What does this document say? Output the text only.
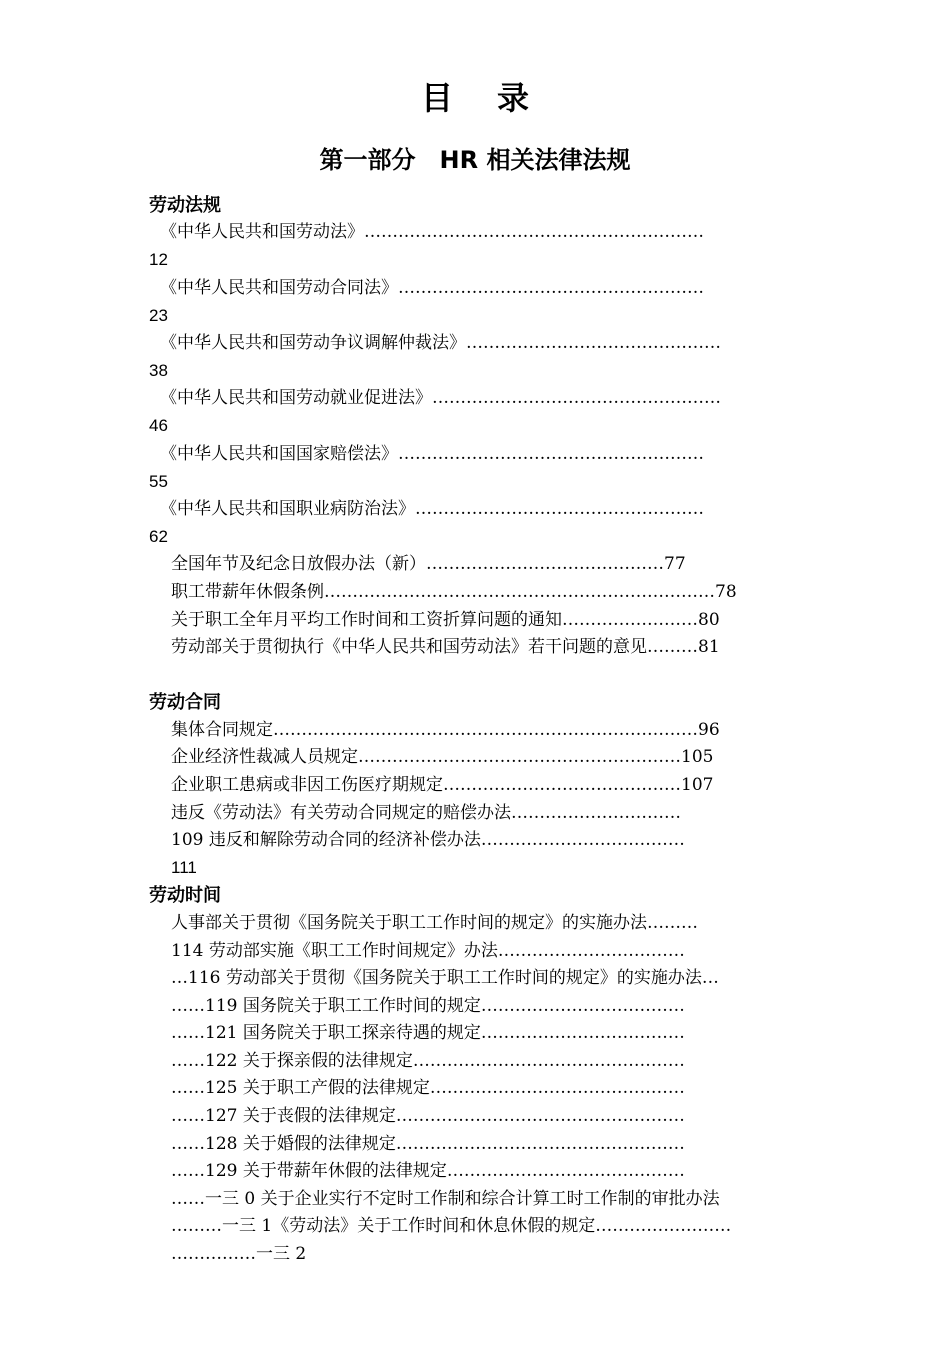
目 录
第一部分　HR 相关法律法规
劳动法规
《中华人民共和国劳动法》……………………………………………………
12
《中华人民共和国劳动合同法》………………………………………………
23
《中华人民共和国劳动争议调解仲裁法》………………………………………
38
《中华人民共和国劳动就业促进法》……………………………………………
46
《中华人民共和国国家赔偿法》………………………………………………
55
《中华人民共和国职业病防治法》……………………………………………
62
全国年节及纪念日放假办法（新）……………………………………77
职工带薪年休假条例……………………………………………………………78
关于职工全年月平均工作时间和工资折算问题的通知……………………80
劳动部关于贯彻执行《中华人民共和国劳动法》若干问题的意见………81
劳动合同
集体合同规定…………………………………………………………………96
企业经济性裁减人员规定…………………………………………………105
企业职工患病或非因工伤医疗期规定……………………………………107
违反《劳动法》有关劳动合同规定的赔偿办法…………………………
109 违反和解除劳动合同的经济补偿办法………………………………
111
劳动时间
人事部关于贯彻《国务院关于职工工作时间的规定》的实施办法………
114 劳动部实施《职工工作时间规定》办法……………………………
…116 劳动部关于贯彻《国务院关于职工工作时间的规定》的实施办法…
……119 国务院关于职工工作时间的规定………………………………
……121 国务院关于职工探亲待遇的规定………………………………
……122 关于探亲假的法律规定…………………………………………
……125 关于职工产假的法律规定………………………………………
……127 关于丧假的法律规定……………………………………………
……128 关于婚假的法律规定……………………………………………
……129 关于带薪年休假的法律规定……………………………………
……一三 0 关于企业实行不定时工作制和综合计算工时工作制的审批办法
………一三 1《劳动法》关于工作时间和休息休假的规定……………………
……………一三 2
